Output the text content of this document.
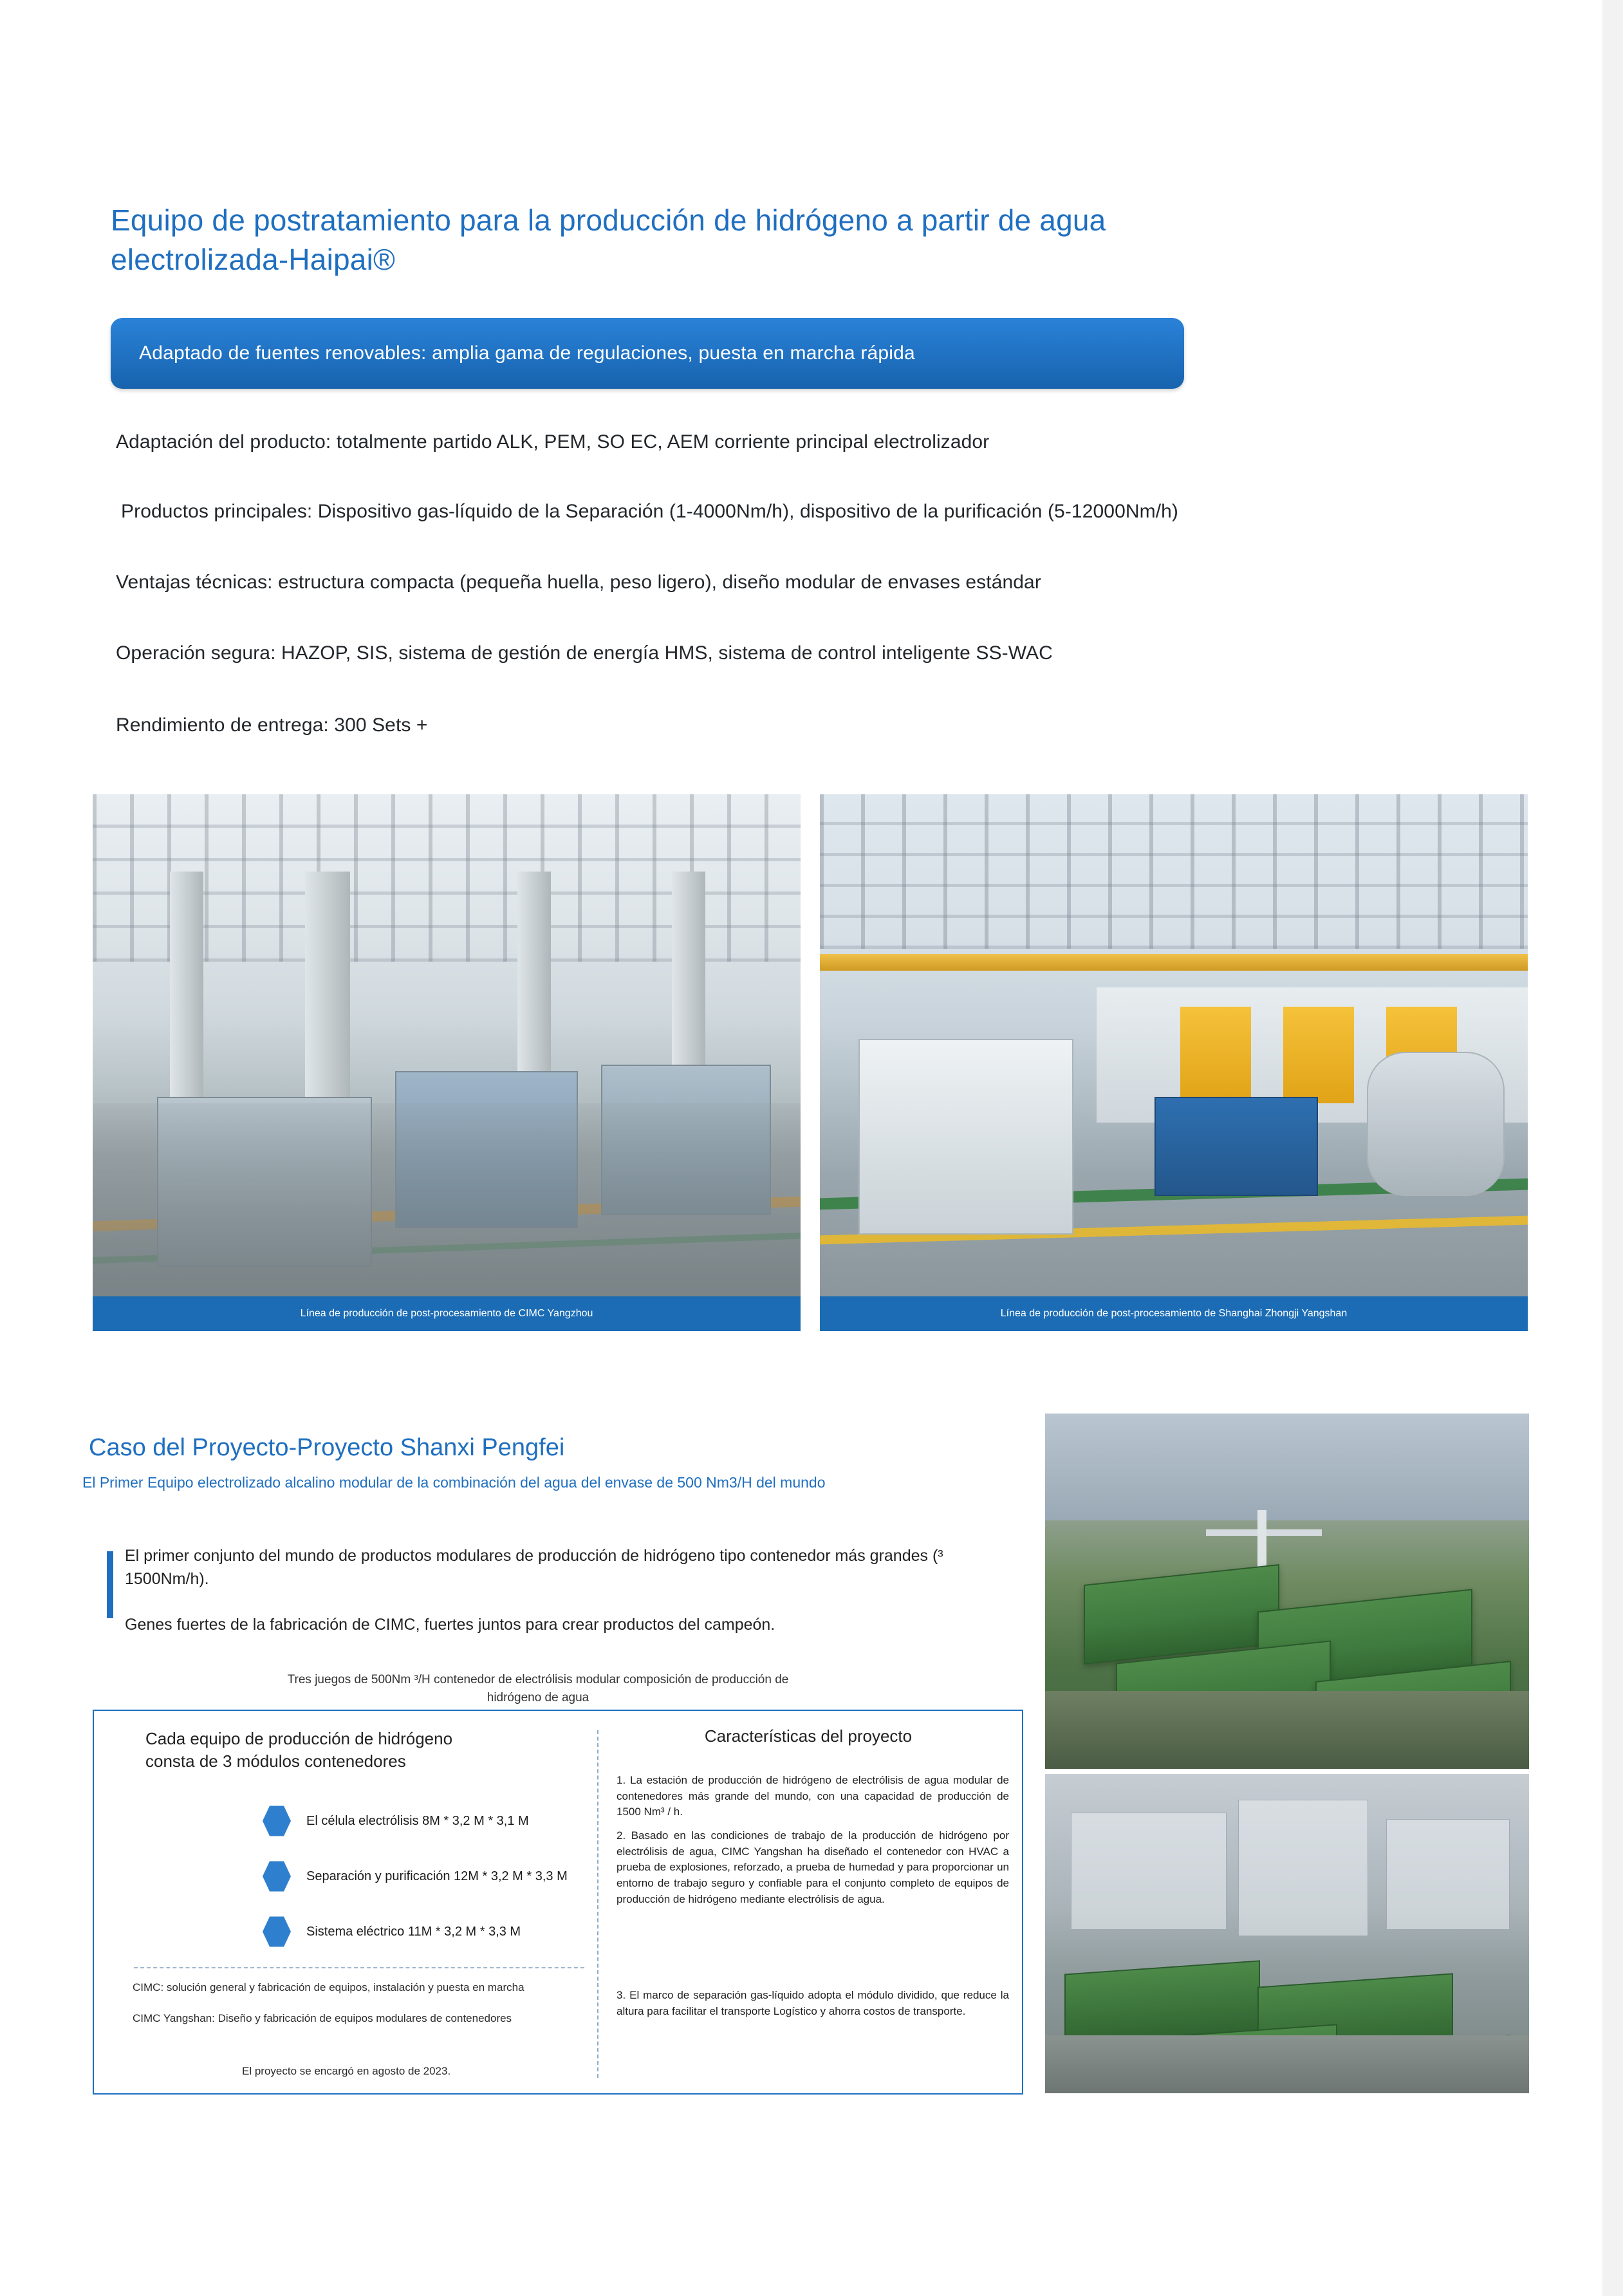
Equipo de postratamiento para la producción de hidrógeno a partir de agua electrolizada-Haipai®
Adaptado de fuentes renovables: amplia gama de regulaciones, puesta en marcha rápida
Adaptación del producto: totalmente partido ALK, PEM, SO EC, AEM corriente principal electrolizador
Productos principales: Dispositivo gas-líquido de la Separación (1-4000Nm/h), dispositivo de la purificación (5-12000Nm/h)
Ventajas técnicas: estructura compacta (pequeña huella, peso ligero), diseño modular de envases estándar
Operación segura: HAZOP, SIS, sistema de gestión de energía HMS, sistema de control inteligente SS-WAC
Rendimiento de entrega: 300 Sets +
Línea de producción de post-procesamiento de CIMC Yangzhou	Línea de producción de post-procesamiento de Shanghai Zhongji Yangshan
Caso del Proyecto-Proyecto Shanxi Pengfei
El Primer Equipo electrolizado alcalino modular de la combinación del agua del envase de 500 Nm3/H del mundo
El primer conjunto del mundo de productos modulares de producción de hidrógeno tipo contenedor más grandes (³ 1500Nm/h).
Genes fuertes de la fabricación de CIMC, fuertes juntos para crear productos del campeón.
Tres juegos de 500Nm ³/H contenedor de electrólisis modular composición de producción de hidrógeno de agua
Cada equipo de producción de hidrógeno consta de 3 módulos contenedores
El célula electrólisis 8M * 3,2 M * 3,1 M
Separación y purificación 12M * 3,2 M * 3,3 M
Sistema eléctrico 11M * 3,2 M * 3,3 M
CIMC: solución general y fabricación de equipos, instalación y puesta en marcha
CIMC Yangshan: Diseño y fabricación de equipos modulares de contenedores
El proyecto se encargó en agosto de 2023.
Características del proyecto
1. La estación de producción de hidrógeno de electrólisis de agua modular de contenedores más grande del mundo, con una capacidad de producción de 1500 Nm³ / h.
2. Basado en las condiciones de trabajo de la producción de hidrógeno por electrólisis de agua, CIMC Yangshan ha diseñado el contenedor con HVAC a prueba de explosiones, reforzado, a prueba de humedad y para proporcionar un entorno de trabajo seguro y confiable para el conjunto completo de equipos de producción de hidrógeno mediante electrólisis de agua.
3. El marco de separación gas-líquido adopta el módulo dividido, que reduce la altura para facilitar el transporte Logístico y ahorra costos de transporte.
